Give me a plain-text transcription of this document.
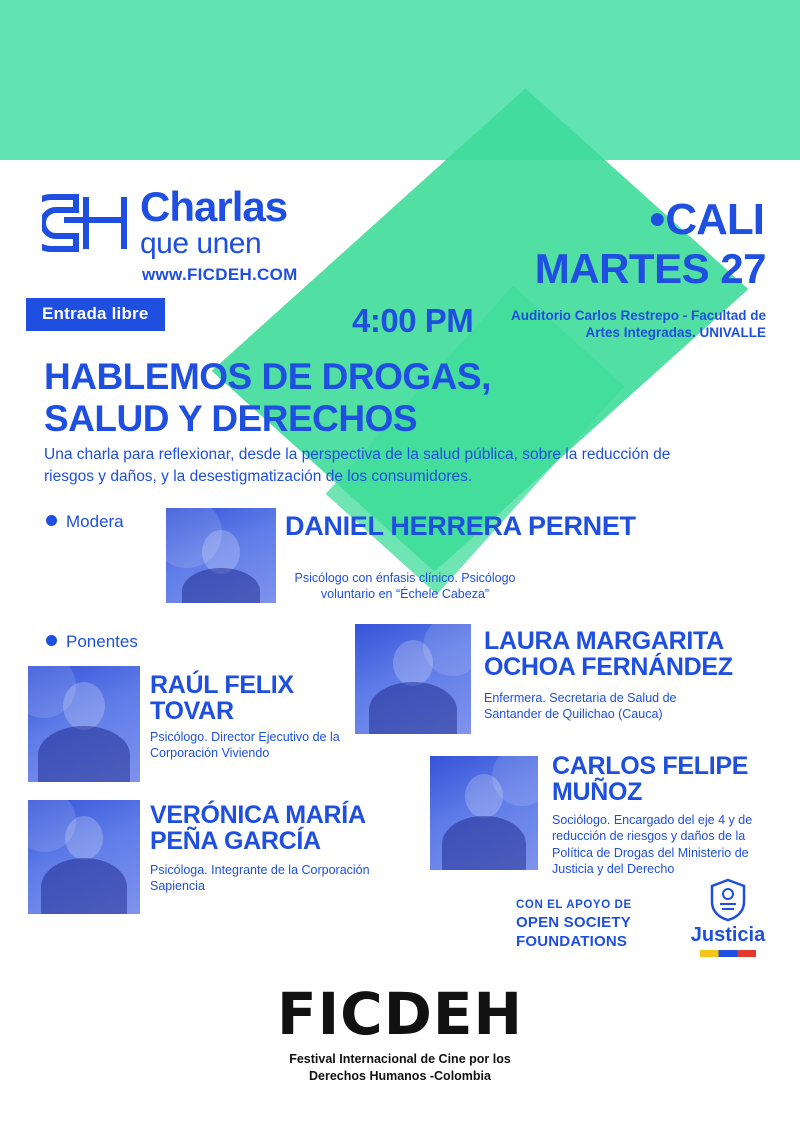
Charlas
que unen
www.FICDEH.COM
Entrada libre
●CALI
MARTES 27
4:00 PM	Auditorio Carlos Restrepo - Facultad de Artes Integradas. UNIVALLE
HABLEMOS DE DROGAS, SALUD Y DERECHOS
Una charla para reflexionar, desde la perspectiva de la salud pública, sobre la reducción de riesgos y daños, y la desestigmatización de los consumidores.
Modera	DANIEL HERRERA PERNET
Psicólogo con énfasis clínico. Psicólogo voluntario en “Échele Cabeza”
Ponentes	LAURA MARGARITA OCHOA FERNÁNDEZ
Enfermera. Secretaria de Salud de Santander de Quilichao (Cauca)
RAÚL FELIX TOVAR
Psicólogo. Director Ejecutivo de la Corporación Viviendo	CARLOS FELIPE MUÑOZ
Sociólogo. Encargado del eje 4 y de reducción de riesgos y daños de la Política de Drogas del Ministerio de Justicia y del Derecho
VERÓNICA MARÍA PEÑA GARCÍA
Psicóloga. Integrante de la Corporación Sapiencia
CON EL APOYO DE
OPEN SOCIETY
FOUNDATIONS	Justicia
FICDEH
Festival Internacional de Cine por los
Derechos Humanos -Colombia
